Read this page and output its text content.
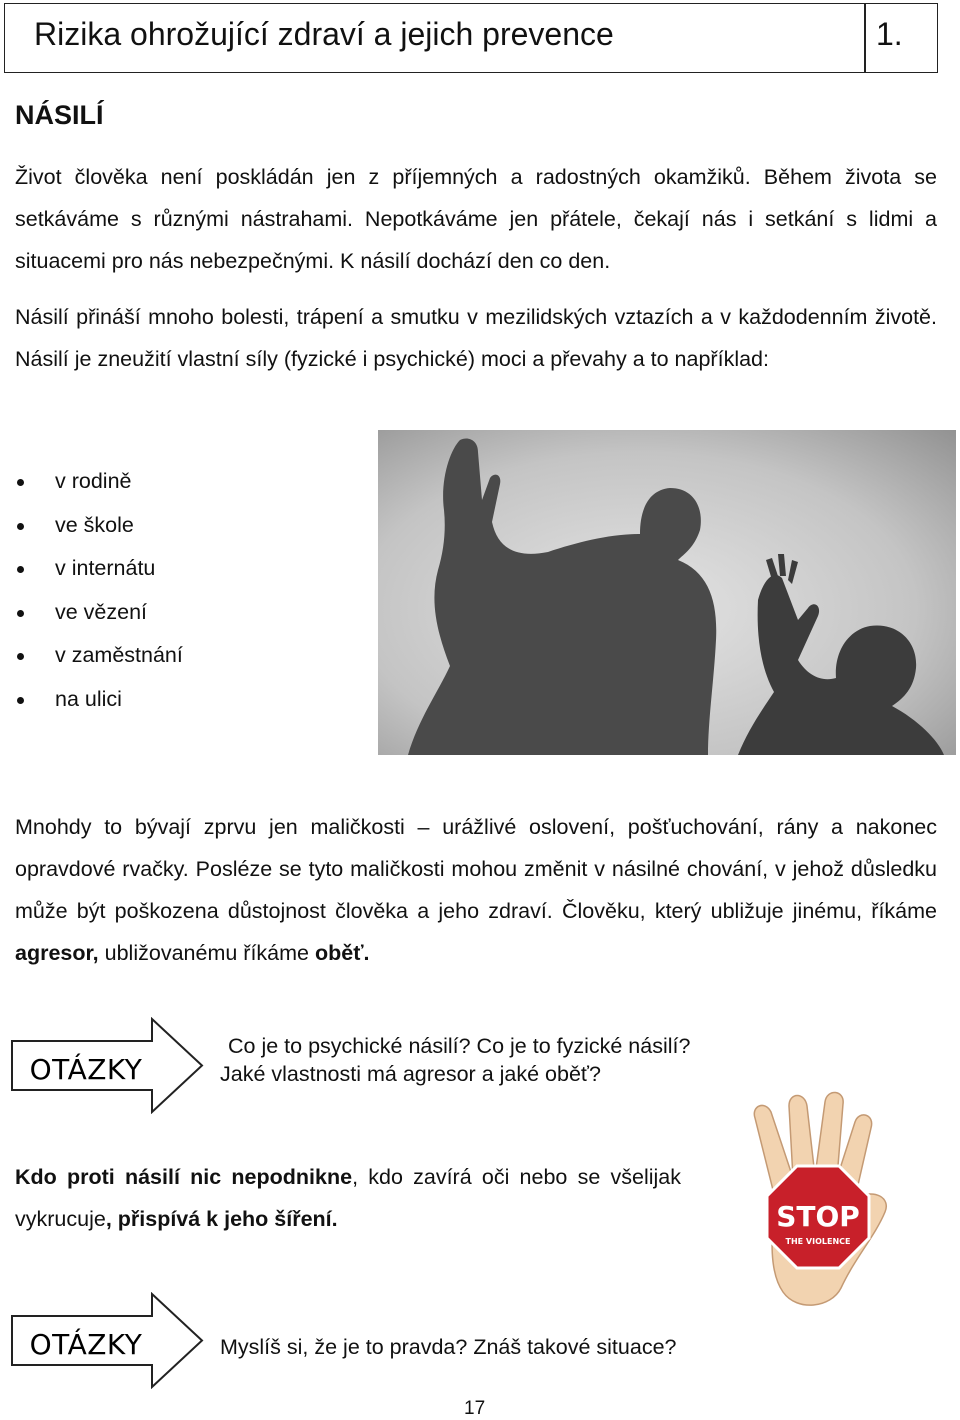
Rizika ohrožující zdraví a jejich prevence	1.
NÁSILÍ
Život člověka není poskládán jen z příjemných a radostných okamžiků. Během života se setkáváme s různými nástrahami. Nepotkáváme jen přátele, čekají nás i setkání s lidmi a situacemi pro nás nebezpečnými. K násilí dochází den co den.
Násilí přináší mnoho bolesti, trápení a smutku v mezilidských vztazích a v každodenním životě. Násilí je zneužití vlastní síly (fyzické i psychické) moci a převahy a to například:
v rodině
ve škole
v internátu
ve vězení
v zaměstnání
na ulici
Mnohdy to bývají zprvu jen maličkosti – urážlivé oslovení, pošťuchování, rány a nakonec opravdové rvačky. Posléze se tyto maličkosti mohou změnit v násilné chování, v jehož důsledku může být poškozena důstojnost člověka a jeho zdraví. Člověku, který ubližuje jinému, říkáme agresor, ubližovanému říkáme oběť.
OTÁZKY
Co je to psychické násilí? Co je to fyzické násilí?
Jaké vlastnosti má agresor a jaké oběť?
Kdo proti násilí nic nepodnikne, kdo zavírá oči nebo se všelijak vykrucuje, přispívá k jeho šíření.	STOP
THE VIOLENCE
OTÁZKY	Myslíš si, že je to pravda? Znáš takové situace?
17
